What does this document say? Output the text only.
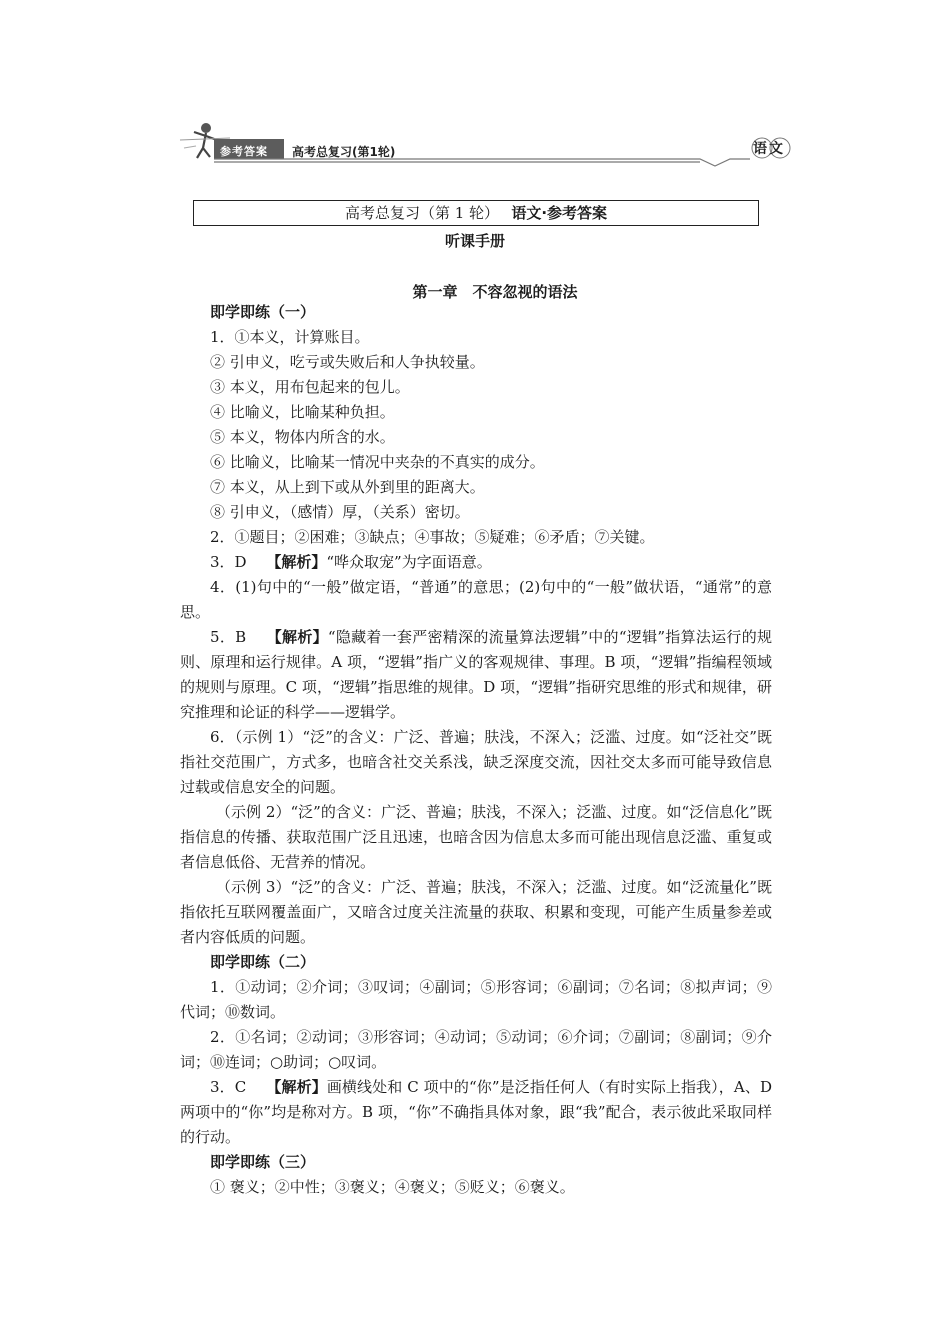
参考答案 高考总复习(第1轮)	语文
高考总复习（第 1 轮）　 语文·参考答案
听课手册
第一章　不容忽视的语法

即学即练（一）

1．①本义，计算账目。

② 引申义，吃亏或失败后和人争执较量。

③ 本义，用布包起来的包儿。

④ 比喻义，比喻某种负担。

⑤ 本义，物体内所含的水。

⑥ 比喻义，比喻某一情况中夹杂的不真实的成分。

⑦ 本义，从上到下或从外到里的距离大。

⑧ 引申义，（感情）厚，（关系）密切。

2．①题目；②困难；③缺点；④事故；⑤疑难；⑥矛盾；⑦关键。

3．D　 【解析】“哗众取宠”为字面语意。

4．(1)句中的“一般”做定语，“普通”的意思；(2)句中的“一般”做状语，“通常”的意思。

5．B　 【解析】“隐藏着一套严密精深的流量算法逻辑”中的“逻辑”指算法运行的规则、原理和运行规律。A 项，“逻辑”指广义的客观规律、事理。B 项，“逻辑”指编程领域的规则与原理。C 项，“逻辑”指思维的规律。D 项，“逻辑”指研究思维的形式和规律，研究推理和论证的科学——逻辑学。

6．（示例 1）“泛”的含义：广泛、普遍；肤浅，不深入；泛滥、过度。如“泛社交”既指社交范围广，方式多，也暗含社交关系浅，缺乏深度交流，因社交太多而可能导致信息过载或信息安全的问题。

（示例 2）“泛”的含义：广泛、普遍；肤浅，不深入；泛滥、过度。如“泛信息化”既指信息的传播、获取范围广泛且迅速，也暗含因为信息太多而可能出现信息泛滥、重复或者信息低俗、无营养的情况。

（示例 3）“泛”的含义：广泛、普遍；肤浅，不深入；泛滥、过度。如“泛流量化”既指依托互联网覆盖面广，又暗含过度关注流量的获取、积累和变现，可能产生质量参差或者内容低质的问题。

即学即练（二）

1．①动词；②介词；③叹词；④副词；⑤形容词；⑥副词；⑦名词；⑧拟声词；⑨代词；⑩数词。

2．①名词；②动词；③形容词；④动词；⑤动词；⑥介词；⑦副词；⑧副词；⑨介词；⑩连词；○助词；○叹词。

3．C　 【解析】画横线处和 C 项中的“你”是泛指任何人（有时实际上指我），A、D 两项中的“你”均是称对方。B 项，“你”不确指具体对象，跟“我”配合，表示彼此采取同样的行动。

即学即练（三）

① 褒义；②中性；③褒义；④褒义；⑤贬义；⑥褒义。
